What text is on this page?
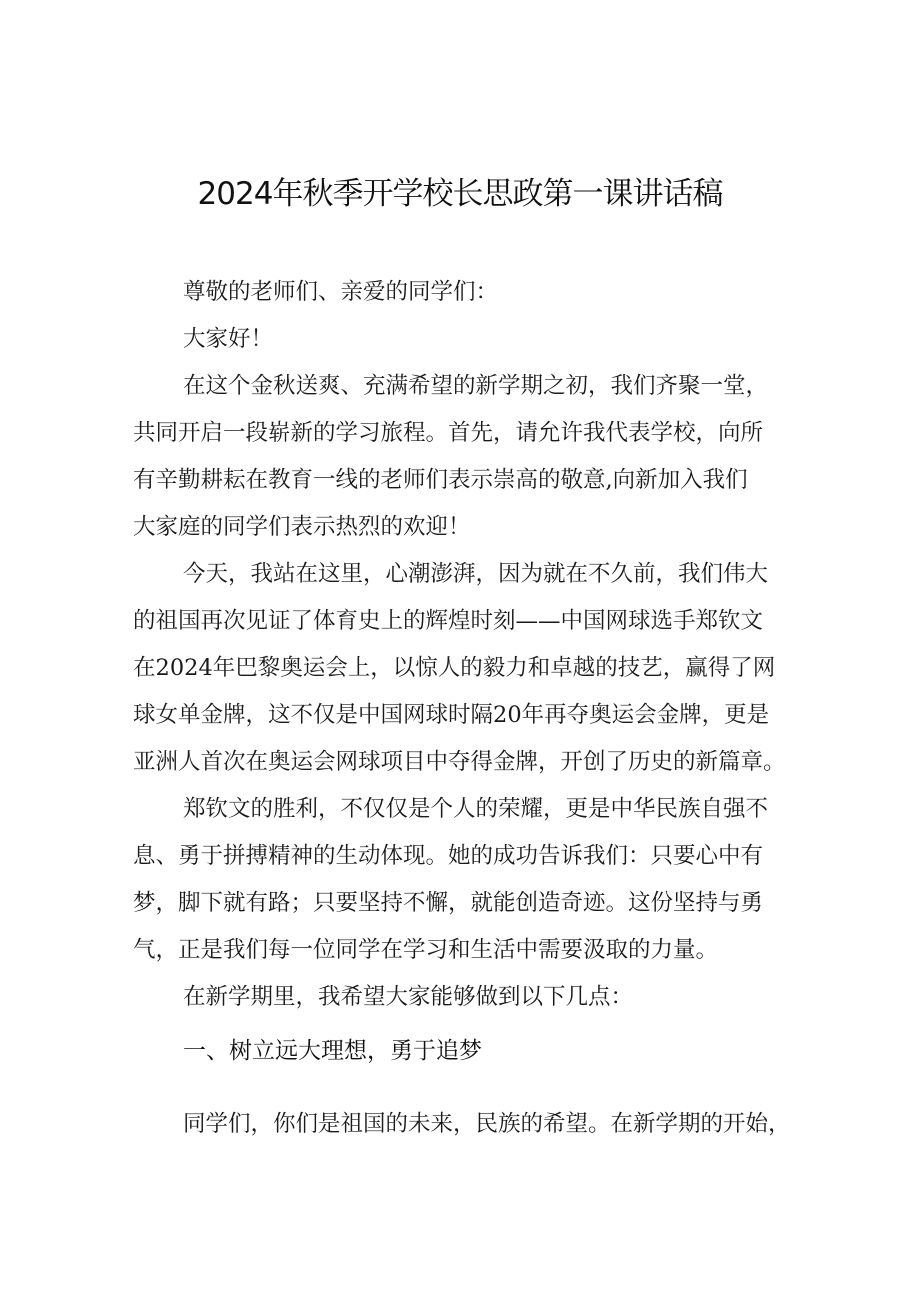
2024年秋季开学校长思政第一课讲话稿

尊敬的老师们、亲爱的同学们：

大家好！

在这个金秋送爽、充满希望的新学期之初，我们齐聚一堂，

共同开启一段崭新的学习旅程。首先，请允许我代表学校，向所

有辛勤耕耘在教育一线的老师们表示崇高的敬意,向新加入我们

大家庭的同学们表示热烈的欢迎！

今天，我站在这里，心潮澎湃，因为就在不久前，我们伟大

的祖国再次见证了体育史上的辉煌时刻——中国网球选手郑钦文

在2024年巴黎奥运会上，以惊人的毅力和卓越的技艺，赢得了网

球女单金牌，这不仅是中国网球时隔20年再夺奥运会金牌，更是

亚洲人首次在奥运会网球项目中夺得金牌，开创了历史的新篇章。

郑钦文的胜利，不仅仅是个人的荣耀，更是中华民族自强不

息、勇于拼搏精神的生动体现。她的成功告诉我们：只要心中有

梦，脚下就有路；只要坚持不懈，就能创造奇迹。这份坚持与勇

气，正是我们每一位同学在学习和生活中需要汲取的力量。

在新学期里，我希望大家能够做到以下几点：

一、树立远大理想，勇于追梦

同学们，你们是祖国的未来，民族的希望。在新学期的开始，
